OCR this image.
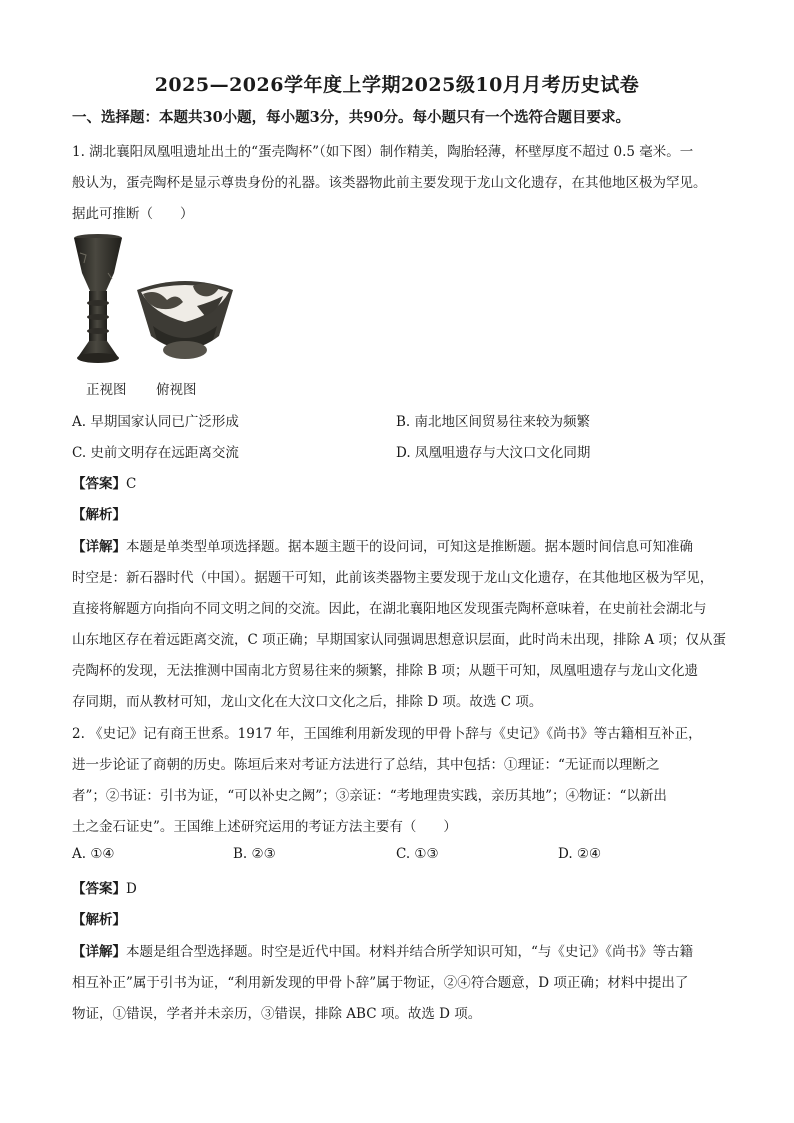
2025—2026学年度上学期2025级10月月考历史试卷
一、选择题：本题共30小题，每小题3分，共90分。每小题只有一个选符合题目要求。
1. 湖北襄阳凤凰咀遗址出土的“蛋壳陶杯”（如下图）制作精美，陶胎轻薄，杯壁厚度不超过 0.5 毫米。一
般认为，蛋壳陶杯是显示尊贵身份的礼器。该类器物此前主要发现于龙山文化遗存，在其他地区极为罕见。
据此可推断（　　）
正视图 俯视图
A. 早期国家认同已广泛形成	B. 南北地区间贸易往来较为频繁
C. 史前文明存在远距离交流	D. 凤凰咀遗存与大汶口文化同期
【答案】C
【解析】
【详解】本题是单类型单项选择题。据本题主题干的设问词，可知这是推断题。据本题时间信息可知准确
时空是：新石器时代（中国）。据题干可知，此前该类器物主要发现于龙山文化遗存，在其他地区极为罕见，
直接将解题方向指向不同文明之间的交流。因此，在湖北襄阳地区发现蛋壳陶杯意味着，在史前社会湖北与
山东地区存在着远距离交流，C 项正确；早期国家认同强调思想意识层面，此时尚未出现，排除 A 项；仅从蛋
壳陶杯的发现，无法推测中国南北方贸易往来的频繁，排除 B 项；从题干可知，凤凰咀遗存与龙山文化遗
存同期，而从教材可知，龙山文化在大汶口文化之后，排除 D 项。故选 C 项。
2. 《史记》记有商王世系。1917 年，王国维利用新发现的甲骨卜辞与《史记》《尚书》等古籍相互补正，
进一步论证了商朝的历史。陈垣后来对考证方法进行了总结，其中包括：①理证：“无证而以理断之
者”；②书证：引书为证，“可以补史之阙”；③亲证：“考地理贵实践，亲历其地”；④物证：“以新出
土之金石证史”。王国维上述研究运用的考证方法主要有（　　）
A. ①④	B. ②③	C. ①③	D. ②④
【答案】D
【解析】
【详解】本题是组合型选择题。时空是近代中国。材料并结合所学知识可知，“与《史记》《尚书》等古籍
相互补正”属于引书为证，“利用新发现的甲骨卜辞”属于物证，②④符合题意，D 项正确；材料中提出了
物证，①错误，学者并未亲历，③错误，排除 ABC 项。故选 D 项。
